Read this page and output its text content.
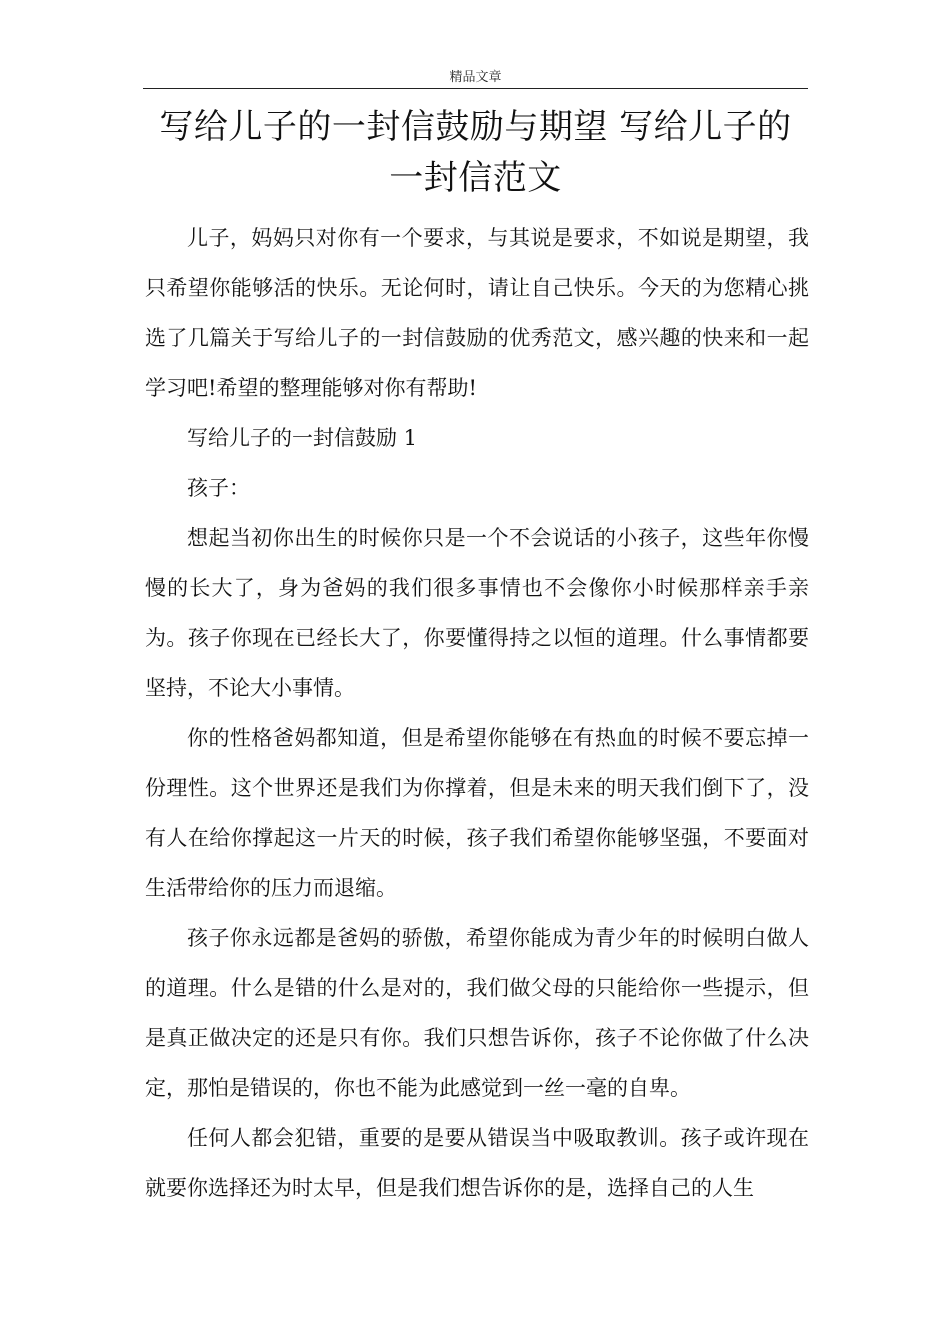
精品文章
写给儿子的一封信鼓励与期望 写给儿子的一封信范文

儿子，妈妈只对你有一个要求，与其说是要求，不如说是期望，我只希望你能够活的快乐。无论何时，请让自己快乐。今天的为您精心挑选了几篇关于写给儿子的一封信鼓励的优秀范文，感兴趣的快来和一起学习吧!希望的整理能够对你有帮助!

写给儿子的一封信鼓励 1

孩子：

想起当初你出生的时候你只是一个不会说话的小孩子，这些年你慢慢的长大了，身为爸妈的我们很多事情也不会像你小时候那样亲手亲为。孩子你现在已经长大了，你要懂得持之以恒的道理。什么事情都要坚持，不论大小事情。

你的性格爸妈都知道，但是希望你能够在有热血的时候不要忘掉一份理性。这个世界还是我们为你撑着，但是未来的明天我们倒下了，没有人在给你撑起这一片天的时候，孩子我们希望你能够坚强，不要面对生活带给你的压力而退缩。

孩子你永远都是爸妈的骄傲，希望你能成为青少年的时候明白做人的道理。什么是错的什么是对的，我们做父母的只能给你一些提示，但是真正做决定的还是只有你。我们只想告诉你，孩子不论你做了什么决定，那怕是错误的，你也不能为此感觉到一丝一毫的自卑。

任何人都会犯错，重要的是要从错误当中吸取教训。孩子或许现在就要你选择还为时太早，但是我们想告诉你的是，选择自己的人生
